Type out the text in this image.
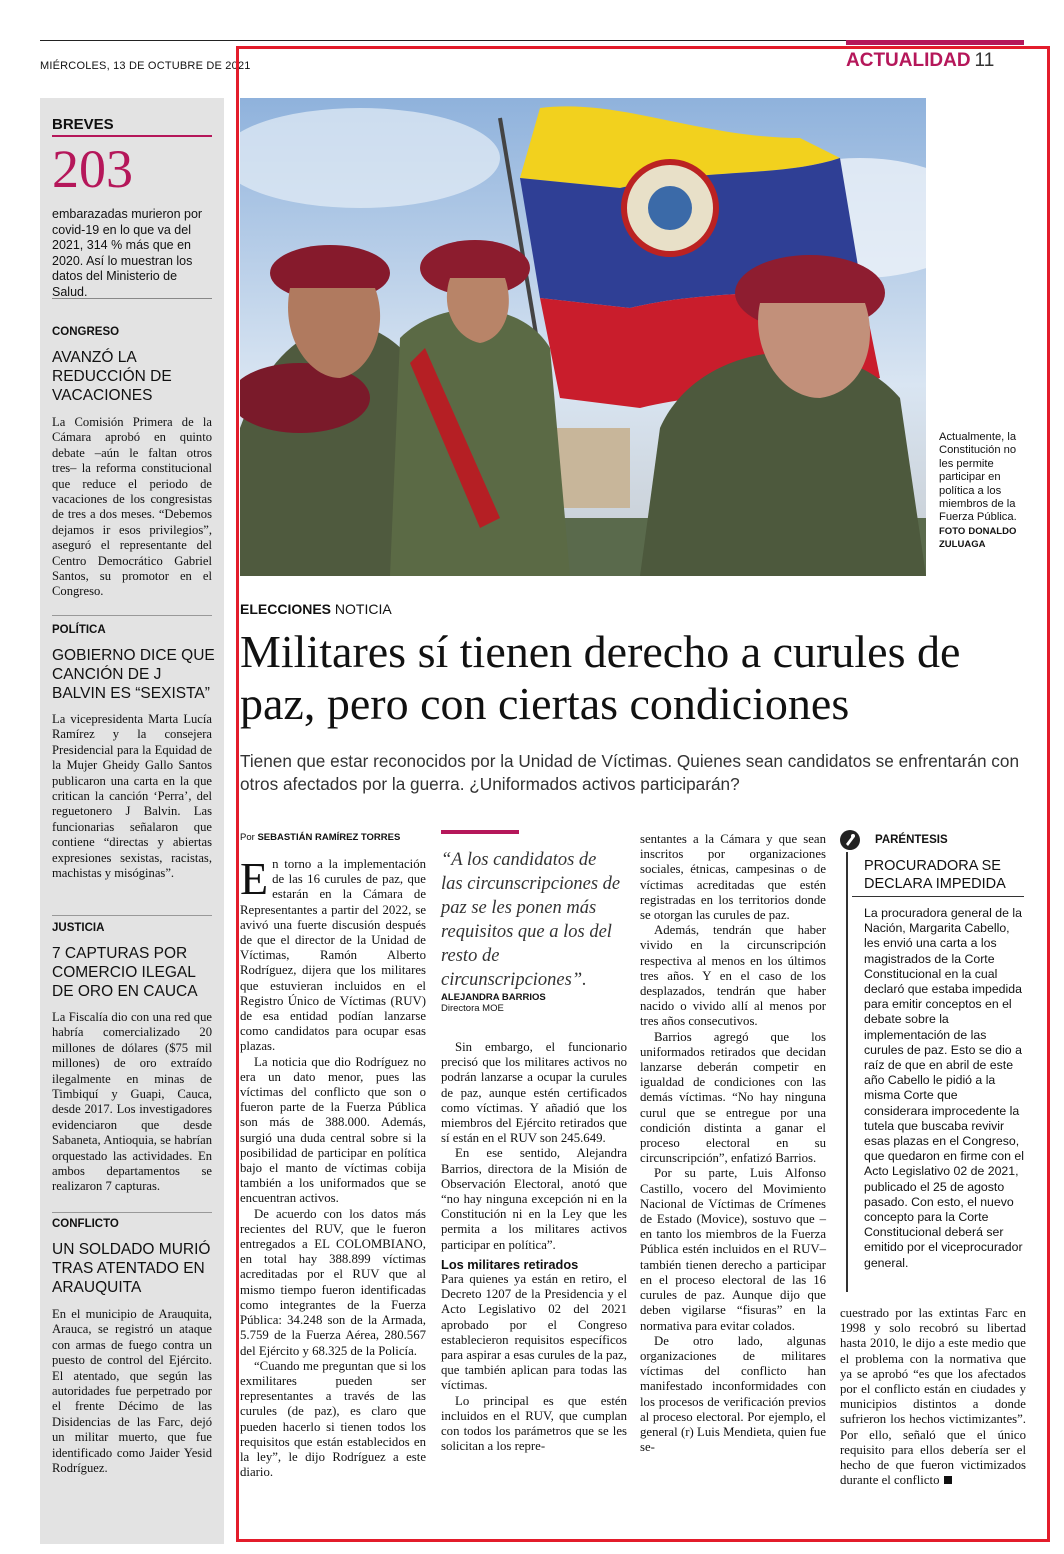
MIÉRCOLES, 13 DE OCTUBRE DE 2021	ACTUALIDAD 11
BREVES
203
embarazadas murieron por covid-19 en lo que va del 2021, 314 % más que en 2020. Así lo muestran los datos del Ministerio de Salud.
CONGRESO
AVANZÓ LA REDUCCIÓN DE VACACIONES
La Comisión Primera de la Cámara aprobó en quinto debate –aún le faltan otros tres– la reforma constitucional que reduce el periodo de vacaciones de los congresistas de tres a dos meses. “Debemos dejamos ir esos privilegios”, aseguró el representante del Centro Democrático Gabriel Santos, su promotor en el Congreso.
POLÍTICA
GOBIERNO DICE QUE CANCIÓN DE J BALVIN ES “SEXISTA”
La vicepresidenta Marta Lucía Ramírez y la consejera Presidencial para la Equidad de la Mujer Gheidy Gallo Santos publicaron una carta en la que critican la canción ‘Perra’, del reguetonero J Balvin. Las funcionarias señalaron que contiene “directas y abiertas expresiones sexistas, racistas, machistas y misóginas”.
JUSTICIA
7 CAPTURAS POR COMERCIO ILEGAL DE ORO EN CAUCA
La Fiscalía dio con una red que habría comercializado 20 millones de dólares ($75 mil millones) de oro extraído ilegalmente en minas de Timbiquí y Guapi, Cauca, desde 2017. Los investigadores evidenciaron que desde Sabaneta, Antioquia, se habrían orquestado las actividades. En ambos departamentos se realizaron 7 capturas.
CONFLICTO
UN SOLDADO MURIÓ TRAS ATENTADO EN ARAUQUITA
En el municipio de Arauquita, Arauca, se registró un ataque con armas de fuego contra un puesto de control del Ejército. El atentado, que según las autoridades fue perpetrado por el frente Décimo de las Disidencias de las Farc, dejó un militar muerto, que fue identificado como Jaider Yesid Rodríguez.
Actualmente, la Constitución no les permite participar en política a los miembros de la Fuerza Pública. FOTO DONALDO ZULUAGA
ELECCIONES NOTICIA
Militares sí tienen derecho a curules de paz, pero con ciertas condiciones
Tienen que estar reconocidos por la Unidad de Víctimas. Quienes sean candidatos se enfrentarán con otros afectados por la guerra. ¿Uniformados activos participarán?
Por SEBASTIÁN RAMÍREZ TORRES

En torno a la implementación de las 16 curules de paz, que estarán en la Cámara de Representantes a partir del 2022, se avivó una fuerte discusión después de que el director de la Unidad de Víctimas, Ramón Alberto Rodríguez, dijera que los militares que estuvieran incluidos en el Registro Único de Víctimas (RUV) de esa entidad podían lanzarse como candidatos para ocupar esas plazas.

La noticia que dio Rodríguez no era un dato menor, pues las víctimas del conflicto que son o fueron parte de la Fuerza Pública son más de 388.000. Además, surgió una duda central sobre si la posibilidad de participar en política bajo el manto de víctimas cobija también a los uniformados que se encuentran activos.

De acuerdo con los datos más recientes del RUV, que le fueron entregados a EL COLOMBIANO, en total hay 388.899 víctimas acreditadas por el RUV que al mismo tiempo fueron identificadas como integrantes de la Fuerza Pública: 34.248 son de la Armada, 5.759 de la Fuerza Aérea, 280.567 del Ejército y 68.325 de la Policía.

“Cuando me preguntan que si los exmilitares pueden ser representantes a través de las curules (de paz), es claro que pueden hacerlo si tienen todos los requisitos que están establecidos en la ley”, le dijo Rodríguez a este diario.

“A los candidatos de las circunscripciones de paz se les ponen más requisitos que a los del resto de circunscripciones”.
ALEJANDRA BARRIOS
Directora MOE

Sin embargo, el funcionario precisó que los militares activos no podrán lanzarse a ocupar la curules de paz, aunque estén certificados como víctimas. Y añadió que los miembros del Ejército retirados que sí están en el RUV son 245.649.

En ese sentido, Alejandra Barrios, directora de la Misión de Observación Electoral, anotó que “no hay ninguna excepción ni en la Constitución ni en la Ley que les permita a los militares activos participar en política”.

Los militares retirados

Para quienes ya están en retiro, el Decreto 1207 de la Presidencia y el Acto Legislativo 02 del 2021 aprobado por el Congreso establecieron requisitos específicos para aspirar a esas curules de la paz, que también aplican para todas las víctimas.

Lo principal es que estén incluidos en el RUV, que cumplan con todos los parámetros que se les solicitan a los repre-

sentantes a la Cámara y que sean inscritos por organizaciones sociales, étnicas, campesinas o de víctimas acreditadas que estén registradas en los territorios donde se otorgan las curules de paz.

Además, tendrán que haber vivido en la circunscripción respectiva al menos en los últimos tres años. Y en el caso de los desplazados, tendrán que haber nacido o vivido allí al menos por tres años consecutivos.

Barrios agregó que los uniformados retirados que decidan lanzarse deberán competir en igualdad de condiciones con las demás víctimas. “No hay ninguna curul que se entregue por una condición distinta a ganar el proceso electoral en su circunscripción”, enfatizó Barrios.

Por su parte, Luis Alfonso Castillo, vocero del Movimiento Nacional de Víctimas de Crímenes de Estado (Movice), sostuvo que –en tanto los miembros de la Fuerza Pública estén incluidos en el RUV– también tienen derecho a participar en el proceso electoral de las 16 curules de paz. Aunque dijo que deben vigilarse “fisuras” en la normativa para evitar colados.

De otro lado, algunas organizaciones de militares víctimas del conflicto han manifestado inconformidades con los procesos de verificación previos al proceso electoral. Por ejemplo, el general (r) Luis Mendieta, quien fue se-

PARÉNTESIS
PROCURADORA SE DECLARA IMPEDIDA
La procuradora general de la Nación, Margarita Cabello, les envió una carta a los magistrados de la Corte Constitucional en la cual declaró que estaba impedida para emitir conceptos en el debate sobre la implementación de las curules de paz. Esto se dio a raíz de que en abril de este año Cabello le pidió a la misma Corte que considerara improcedente la tutela que buscaba revivir esas plazas en el Congreso, que quedaron en firme con el Acto Legislativo 02 de 2021, publicado el 25 de agosto pasado. Con esto, el nuevo concepto para la Corte Constitucional deberá ser emitido por el viceprocurador general.

cuestrado por las extintas Farc en 1998 y solo recobró su libertad hasta 2010, le dijo a este medio que el problema con la normativa que ya se aprobó “es que los afectados por el conflicto están en ciudades y municipios distintos a donde sufrieron los hechos victimizantes”. Por ello, señaló que el único requisito para ellos debería ser el hecho de que fueron victimizados durante el conflicto
